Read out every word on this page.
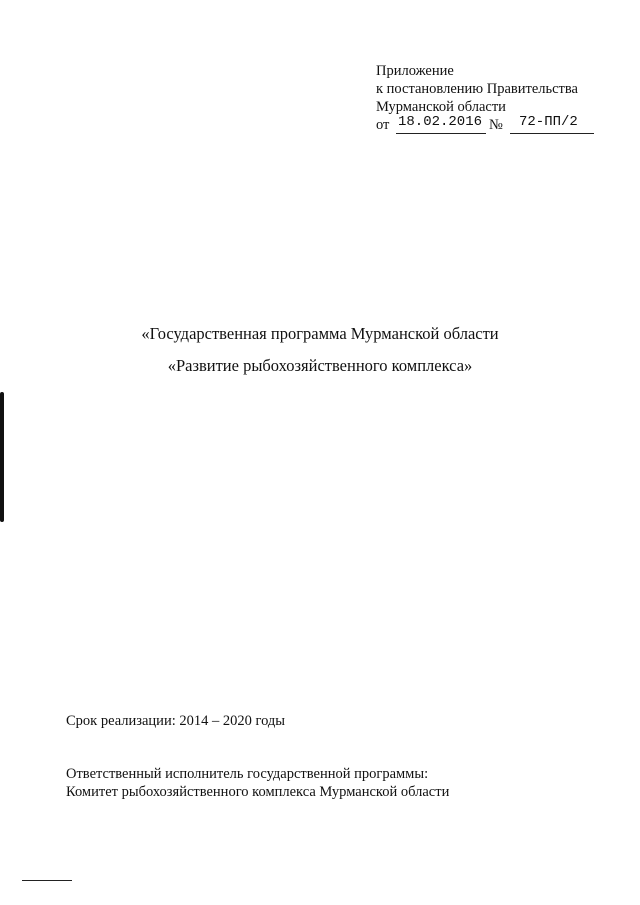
Приложение
к постановлению Правительства
Мурманской области
от 18.02.2016 № 72-ПП/2
«Государственная программа Мурманской области
«Развитие рыбохозяйственного комплекса»
Срок реализации: 2014 – 2020 годы
Ответственный исполнитель государственной программы:
Комитет рыбохозяйственного комплекса Мурманской области
